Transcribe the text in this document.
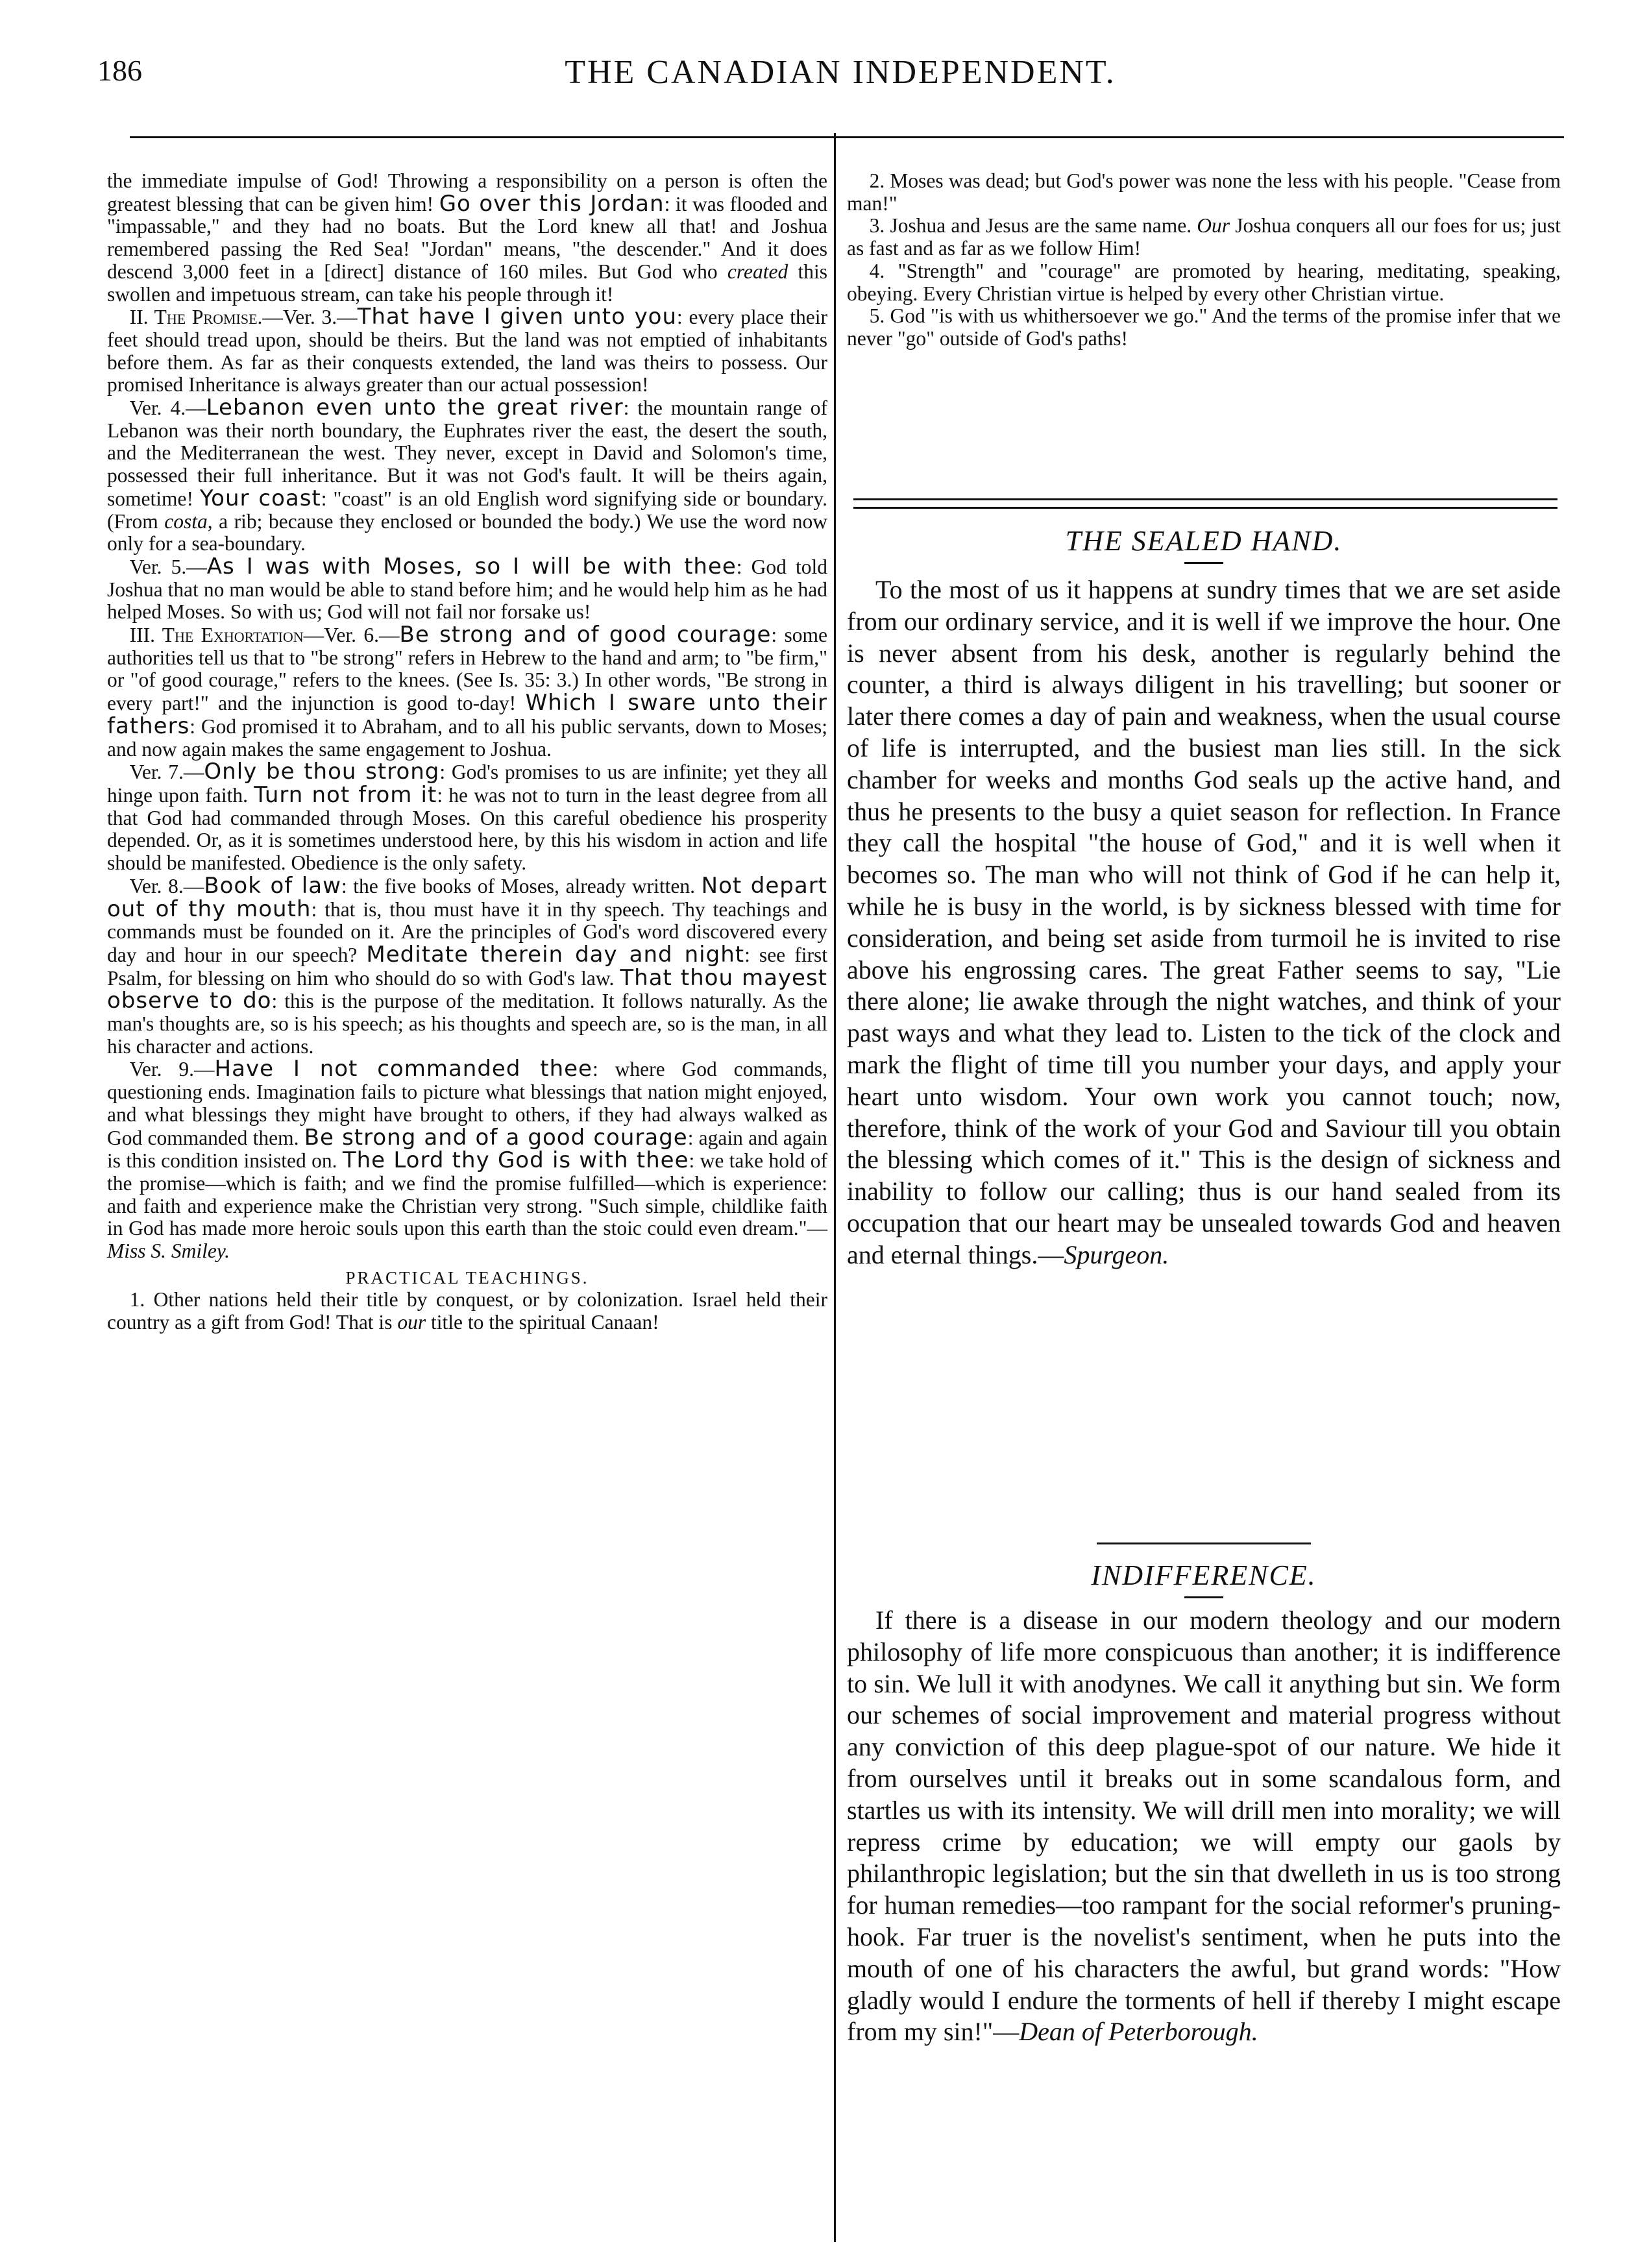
186	THE CANADIAN INDEPENDENT.

the immediate impulse of God! Throwing a responsibility on a person is often the greatest blessing that can be given him! Go over this Jordan: it was flooded and "impassable," and they had no boats. But the Lord knew all that! and Joshua remembered passing the Red Sea! "Jordan" means, "the descender." And it does descend 3,000 feet in a [direct] distance of 160 miles. But God who created this swollen and impetuous stream, can take his people through it!

II. The Promise.—Ver. 3.—That have I given unto you: every place their feet should tread upon, should be theirs. But the land was not emptied of inhabitants before them. As far as their conquests extended, the land was theirs to possess. Our promised Inheritance is always greater than our actual possession!

Ver. 4.—Lebanon even unto the great river: the mountain range of Lebanon was their north boundary, the Euphrates river the east, the desert the south, and the Mediterranean the west. They never, except in David and Solomon's time, possessed their full inheritance. But it was not God's fault. It will be theirs again, sometime! Your coast: "coast" is an old English word signifying side or boundary. (From costa, a rib; because they enclosed or bounded the body.) We use the word now only for a sea-boundary.

Ver. 5.—As I was with Moses, so I will be with thee: God told Joshua that no man would be able to stand before him; and he would help him as he had helped Moses. So with us; God will not fail nor forsake us!

III. The Exhortation—Ver. 6.—Be strong and of good courage: some authorities tell us that to "be strong" refers in Hebrew to the hand and arm; to "be firm," or "of good courage," refers to the knees. (See Is. 35: 3.) In other words, "Be strong in every part!" and the injunction is good to-day! Which I sware unto their fathers: God promised it to Abraham, and to all his public servants, down to Moses; and now again makes the same engagement to Joshua.

Ver. 7.—Only be thou strong: God's promises to us are infinite; yet they all hinge upon faith. Turn not from it: he was not to turn in the least degree from all that God had commanded through Moses. On this careful obedience his prosperity depended. Or, as it is sometimes understood here, by this his wisdom in action and life should be manifested. Obedience is the only safety.

Ver. 8.—Book of law: the five books of Moses, already written. Not depart out of thy mouth: that is, thou must have it in thy speech. Thy teachings and commands must be founded on it. Are the principles of God's word discovered every day and hour in our speech? Meditate therein day and night: see first Psalm, for blessing on him who should do so with God's law. That thou mayest observe to do: this is the purpose of the meditation. It follows naturally. As the man's thoughts are, so is his speech; as his thoughts and speech are, so is the man, in all his character and actions.

Ver. 9.—Have I not commanded thee: where God commands, questioning ends. Imagination fails to picture what blessings that nation might enjoyed, and what blessings they might have brought to others, if they had always walked as God commanded them. Be strong and of a good courage: again and again is this condition insisted on. The Lord thy God is with thee: we take hold of the promise—which is faith; and we find the promise fulfilled—which is experience: and faith and experience make the Christian very strong. "Such simple, childlike faith in God has made more heroic souls upon this earth than the stoic could even dream."—Miss S. Smiley.

PRACTICAL TEACHINGS.

1. Other nations held their title by conquest, or by colonization. Israel held their country as a gift from God! That is our title to the spiritual Canaan!

2. Moses was dead; but God's power was none the less with his people. "Cease from man!"

3. Joshua and Jesus are the same name. Our Joshua conquers all our foes for us; just as fast and as far as we follow Him!

4. "Strength" and "courage" are promoted by hearing, meditating, speaking, obeying. Every Christian virtue is helped by every other Christian virtue.

5. God "is with us whithersoever we go." And the terms of the promise infer that we never "go" outside of God's paths!

THE SEALED HAND.

To the most of us it happens at sundry times that we are set aside from our ordinary service, and it is well if we improve the hour. One is never absent from his desk, another is regularly behind the counter, a third is always diligent in his travelling; but sooner or later there comes a day of pain and weakness, when the usual course of life is interrupted, and the busiest man lies still. In the sick chamber for weeks and months God seals up the active hand, and thus he presents to the busy a quiet season for reflection. In France they call the hospital "the house of God," and it is well when it becomes so. The man who will not think of God if he can help it, while he is busy in the world, is by sickness blessed with time for consideration, and being set aside from turmoil he is invited to rise above his engrossing cares. The great Father seems to say, "Lie there alone; lie awake through the night watches, and think of your past ways and what they lead to. Listen to the tick of the clock and mark the flight of time till you number your days, and apply your heart unto wisdom. Your own work you cannot touch; now, therefore, think of the work of your God and Saviour till you obtain the blessing which comes of it." This is the design of sickness and inability to follow our calling; thus is our hand sealed from its occupation that our heart may be unsealed towards God and heaven and eternal things.—Spurgeon.

INDIFFERENCE.

If there is a disease in our modern theology and our modern philosophy of life more conspicuous than another; it is indifference to sin. We lull it with anodynes. We call it anything but sin. We form our schemes of social improvement and material progress without any conviction of this deep plague-spot of our nature. We hide it from ourselves until it breaks out in some scandalous form, and startles us with its intensity. We will drill men into morality; we will repress crime by education; we will empty our gaols by philanthropic legislation; but the sin that dwelleth in us is too strong for human remedies—too rampant for the social reformer's pruning-hook. Far truer is the novelist's sentiment, when he puts into the mouth of one of his characters the awful, but grand words: "How gladly would I endure the torments of hell if thereby I might escape from my sin!"—Dean of Peterborough.
